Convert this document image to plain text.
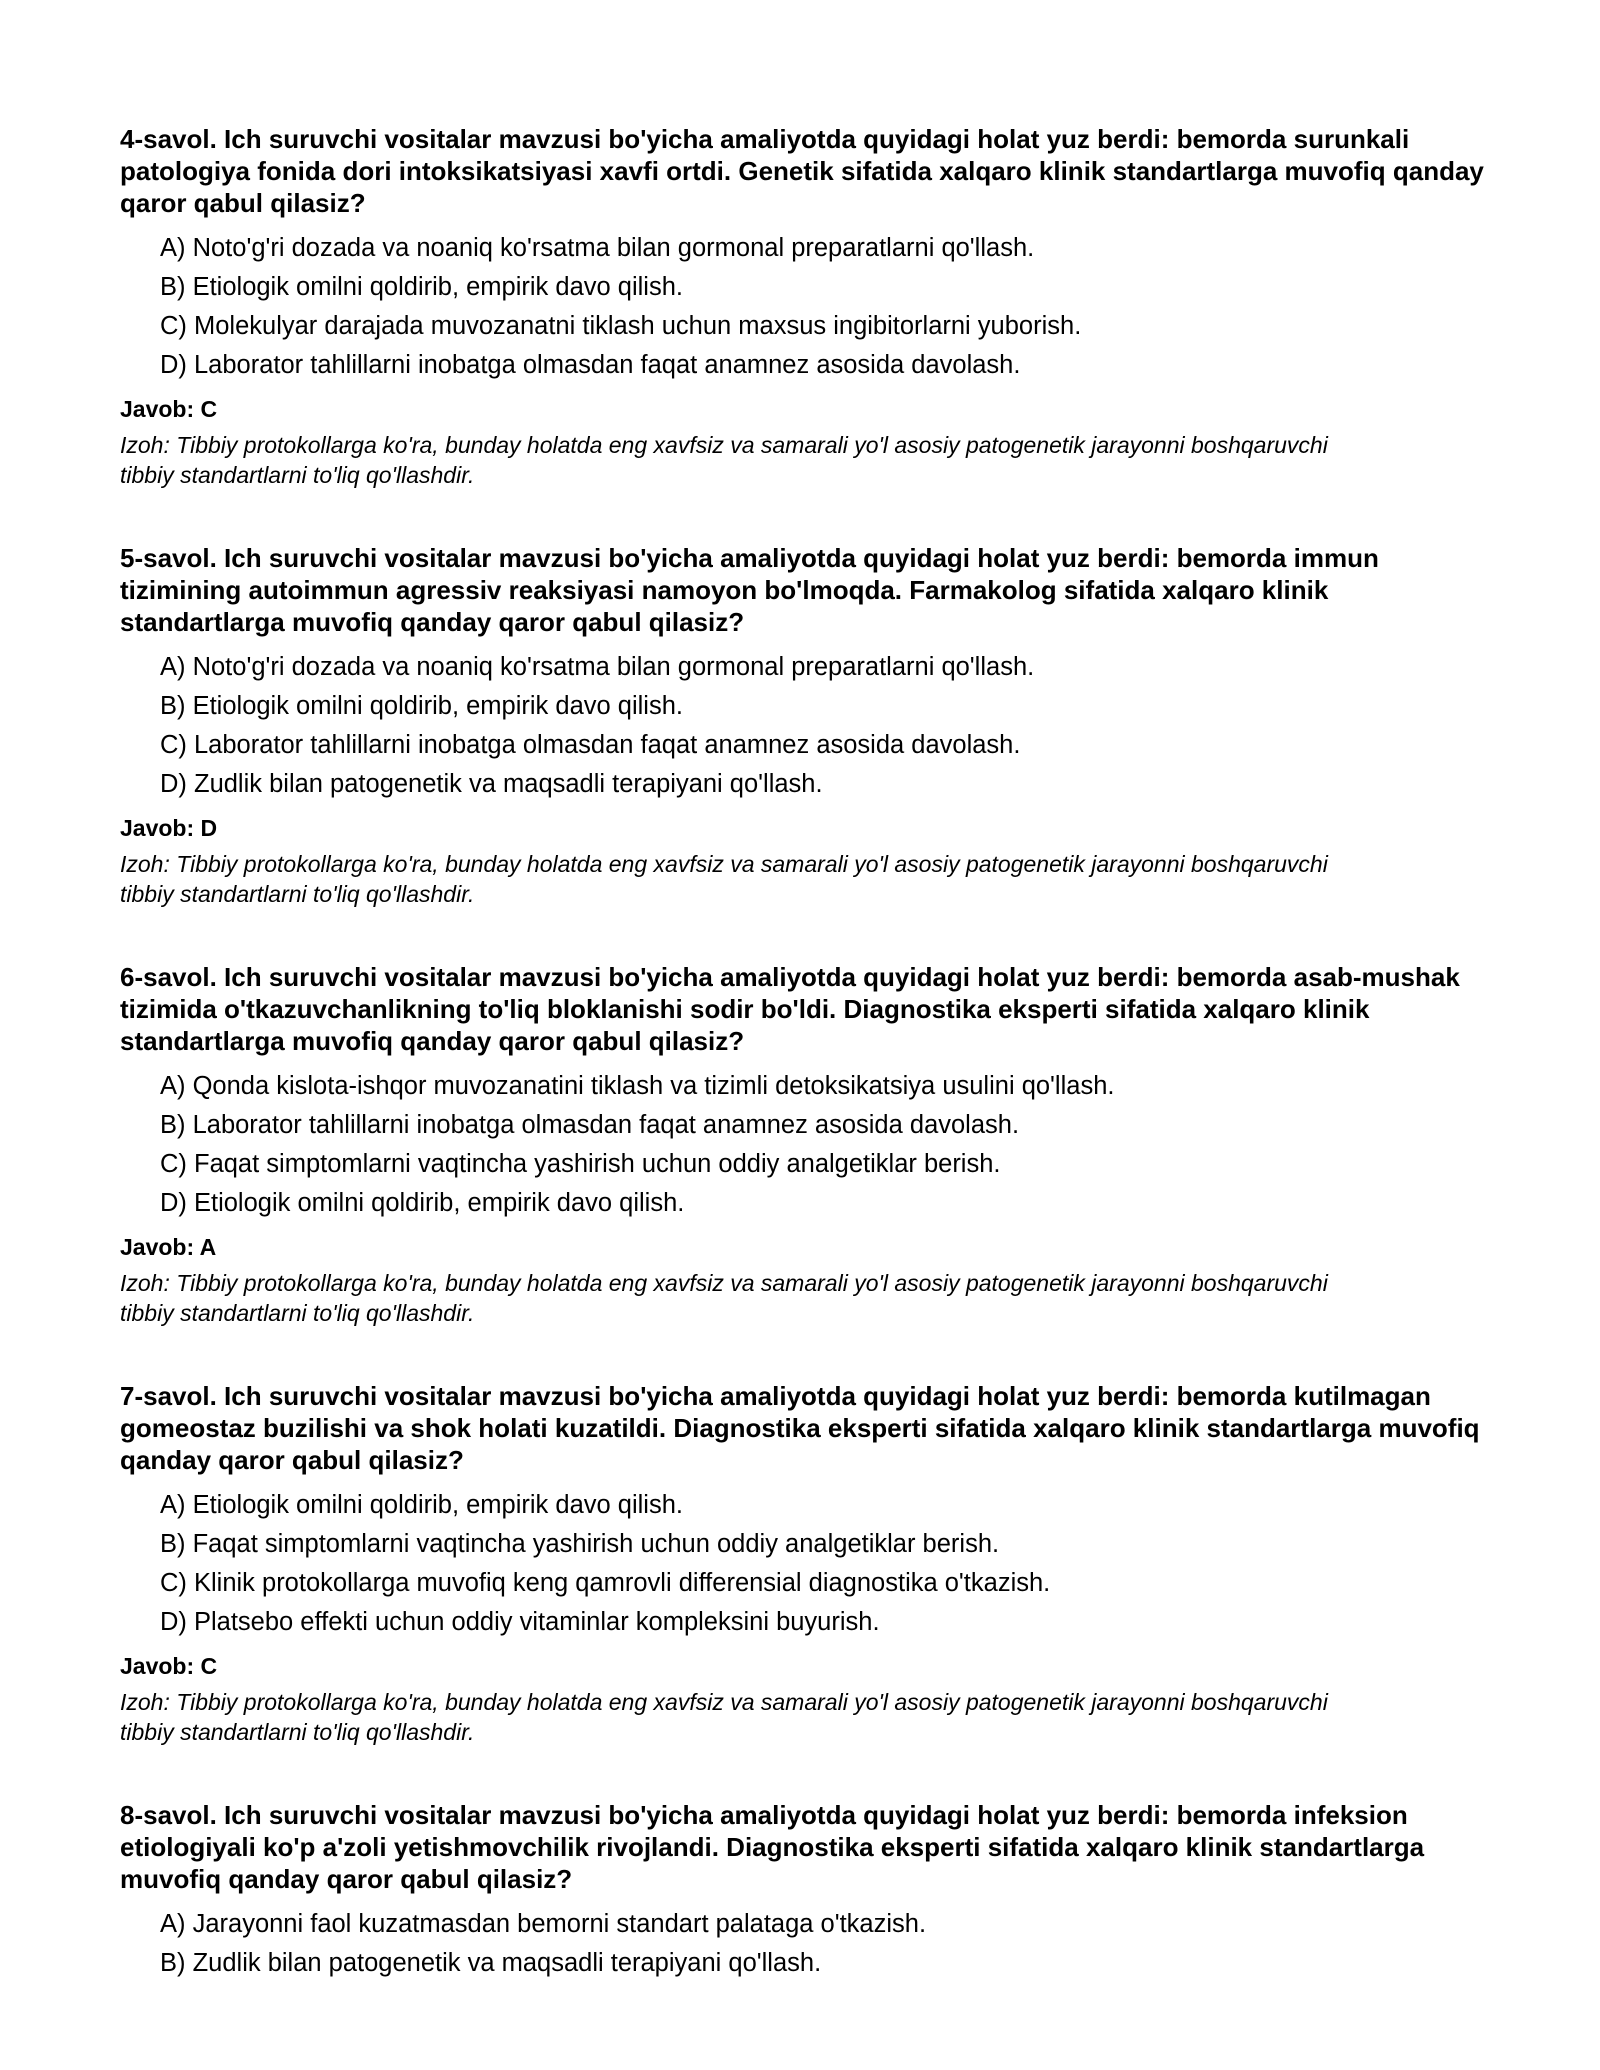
4-savol. Ich suruvchi vositalar mavzusi bo'yicha amaliyotda quyidagi holat yuz berdi: bemorda surunkali patologiya fonida dori intoksikatsiyasi xavfi ortdi. Genetik sifatida xalqaro klinik standartlarga muvofiq qanday qaror qabul qilasiz?
A) Noto'g'ri dozada va noaniq ko'rsatma bilan gormonal preparatlarni qo'llash.
B) Etiologik omilni qoldirib, empirik davo qilish.
C) Molekulyar darajada muvozanatni tiklash uchun maxsus ingibitorlarni yuborish.
D) Laborator tahlillarni inobatga olmasdan faqat anamnez asosida davolash.
Javob: C
Izoh: Tibbiy protokollarga ko'ra, bunday holatda eng xavfsiz va samarali yo'l asosiy patogenetik jarayonni boshqaruvchi tibbiy standartlarni to'liq qo'llashdir.
5-savol. Ich suruvchi vositalar mavzusi bo'yicha amaliyotda quyidagi holat yuz berdi: bemorda immun tizimining autoimmun agressiv reaksiyasi namoyon bo'lmoqda. Farmakolog sifatida xalqaro klinik standartlarga muvofiq qanday qaror qabul qilasiz?
A) Noto'g'ri dozada va noaniq ko'rsatma bilan gormonal preparatlarni qo'llash.
B) Etiologik omilni qoldirib, empirik davo qilish.
C) Laborator tahlillarni inobatga olmasdan faqat anamnez asosida davolash.
D) Zudlik bilan patogenetik va maqsadli terapiyani qo'llash.
Javob: D
Izoh: Tibbiy protokollarga ko'ra, bunday holatda eng xavfsiz va samarali yo'l asosiy patogenetik jarayonni boshqaruvchi tibbiy standartlarni to'liq qo'llashdir.
6-savol. Ich suruvchi vositalar mavzusi bo'yicha amaliyotda quyidagi holat yuz berdi: bemorda asab-mushak tizimida o'tkazuvchanlikning to'liq bloklanishi sodir bo'ldi. Diagnostika eksperti sifatida xalqaro klinik standartlarga muvofiq qanday qaror qabul qilasiz?
A) Qonda kislota-ishqor muvozanatini tiklash va tizimli detoksikatsiya usulini qo'llash.
B) Laborator tahlillarni inobatga olmasdan faqat anamnez asosida davolash.
C) Faqat simptomlarni vaqtincha yashirish uchun oddiy analgetiklar berish.
D) Etiologik omilni qoldirib, empirik davo qilish.
Javob: A
Izoh: Tibbiy protokollarga ko'ra, bunday holatda eng xavfsiz va samarali yo'l asosiy patogenetik jarayonni boshqaruvchi tibbiy standartlarni to'liq qo'llashdir.
7-savol. Ich suruvchi vositalar mavzusi bo'yicha amaliyotda quyidagi holat yuz berdi: bemorda kutilmagan gomeostaz buzilishi va shok holati kuzatildi. Diagnostika eksperti sifatida xalqaro klinik standartlarga muvofiq qanday qaror qabul qilasiz?
A) Etiologik omilni qoldirib, empirik davo qilish.
B) Faqat simptomlarni vaqtincha yashirish uchun oddiy analgetiklar berish.
C) Klinik protokollarga muvofiq keng qamrovli differensial diagnostika o'tkazish.
D) Platsebo effekti uchun oddiy vitaminlar kompleksini buyurish.
Javob: C
Izoh: Tibbiy protokollarga ko'ra, bunday holatda eng xavfsiz va samarali yo'l asosiy patogenetik jarayonni boshqaruvchi tibbiy standartlarni to'liq qo'llashdir.
8-savol. Ich suruvchi vositalar mavzusi bo'yicha amaliyotda quyidagi holat yuz berdi: bemorda infeksion etiologiyali ko'p a'zoli yetishmovchilik rivojlandi. Diagnostika eksperti sifatida xalqaro klinik standartlarga muvofiq qanday qaror qabul qilasiz?
A) Jarayonni faol kuzatmasdan bemorni standart palataga o'tkazish.
B) Zudlik bilan patogenetik va maqsadli terapiyani qo'llash.
